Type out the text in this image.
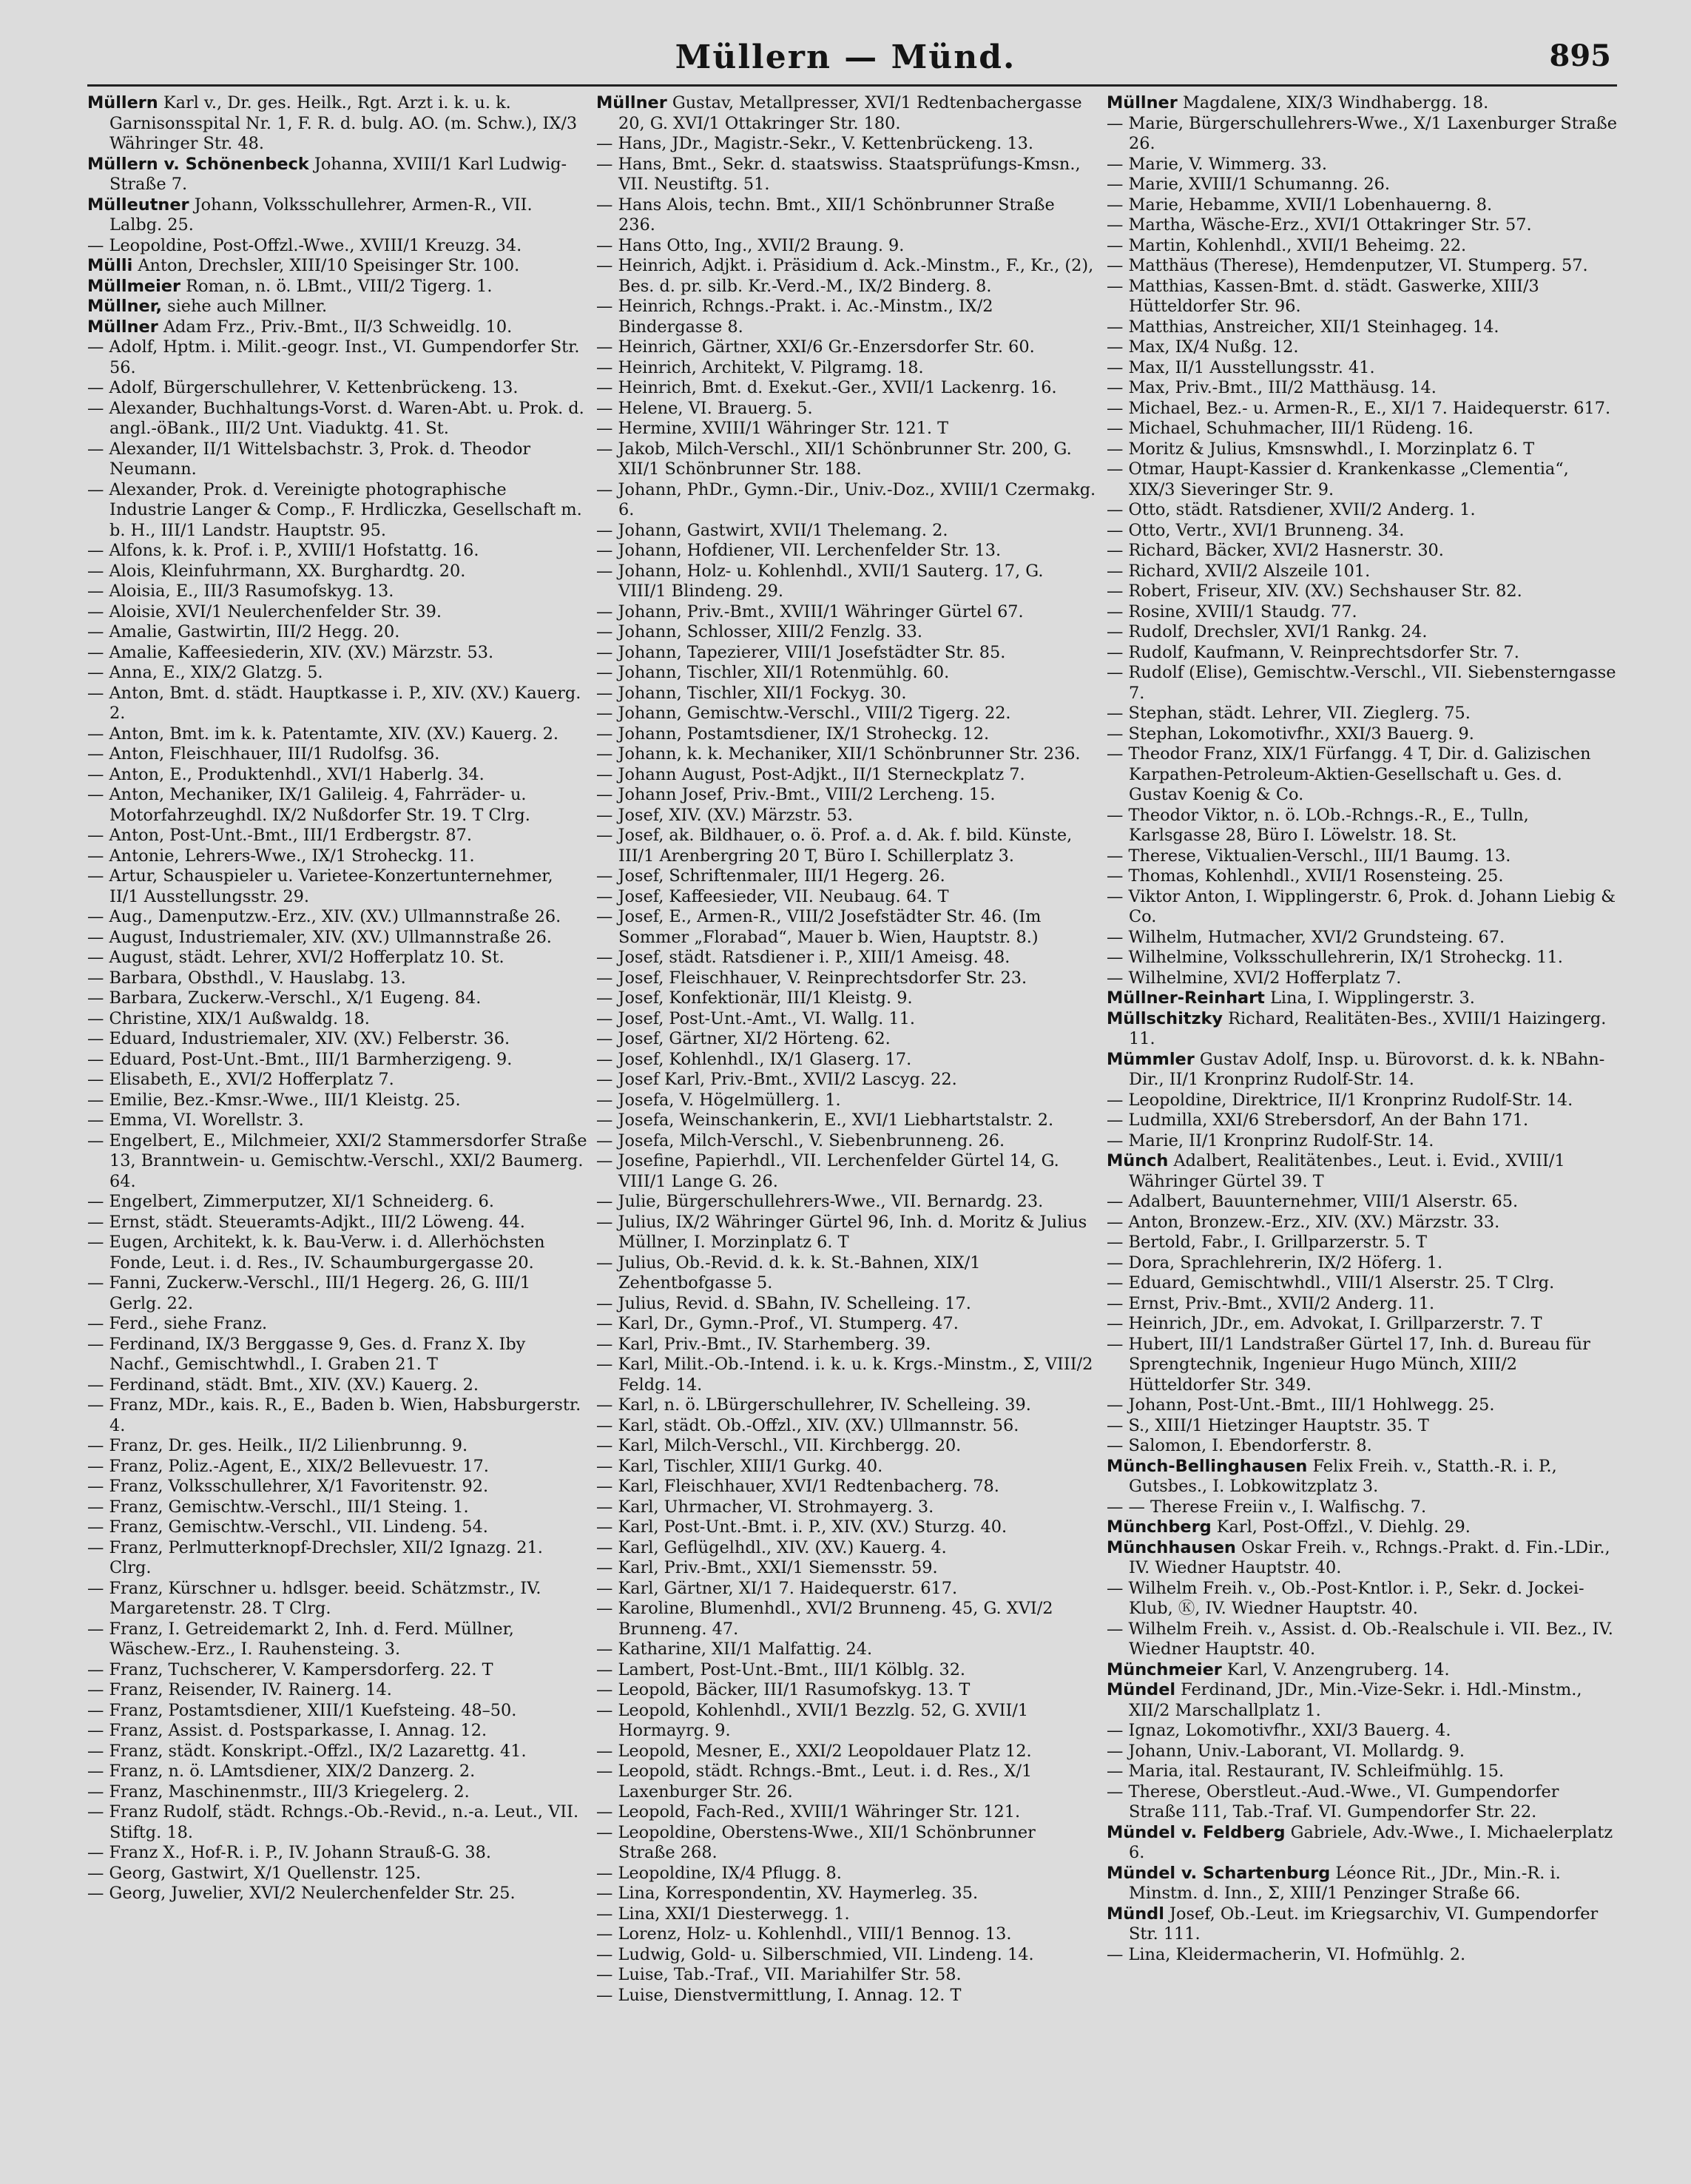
Müllern — Münd.	895

Müllern Karl v., Dr. ges. Heilk., Rgt. Arzt i. k. u. k. Garnisonsspital Nr. 1, F. R. d. bulg. AO. (m. Schw.), IX/3 Währinger Str. 48.

Müllern v. Schönenbeck Johanna, XVIII/1 Karl Ludwig-Straße 7.

Mülleutner Johann, Volksschullehrer, Armen-R., VII. Lalbg. 25.

— Leopoldine, Post-Offzl.-Wwe., XVIII/1 Kreuzg. 34.

Mülli Anton, Drechsler, XIII/10 Speisinger Str. 100.

Müllmeier Roman, n. ö. LBmt., VIII/2 Tigerg. 1.

Müllner, siehe auch Millner.

Müllner Adam Frz., Priv.-Bmt., II/3 Schweidlg. 10.

— Adolf, Hptm. i. Milit.-geogr. Inst., VI. Gumpendorfer Str. 56.

— Adolf, Bürgerschullehrer, V. Kettenbrückeng. 13.

— Alexander, Buchhaltungs-Vorst. d. Waren-Abt. u. Prok. d. angl.-öBank., III/2 Unt. Viaduktg. 41. St.

— Alexander, II/1 Wittelsbachstr. 3, Prok. d. Theodor Neumann.

— Alexander, Prok. d. Vereinigte photographische Industrie Langer & Comp., F. Hrdliczka, Gesellschaft m. b. H., III/1 Landstr. Hauptstr. 95.

— Alfons, k. k. Prof. i. P., XVIII/1 Hofstattg. 16.

— Alois, Kleinfuhrmann, XX. Burghardtg. 20.

— Aloisia, E., III/3 Rasumofskyg. 13.

— Aloisie, XVI/1 Neulerchenfelder Str. 39.

— Amalie, Gastwirtin, III/2 Hegg. 20.

— Amalie, Kaffeesiederin, XIV. (XV.) Märzstr. 53.

— Anna, E., XIX/2 Glatzg. 5.

— Anton, Bmt. d. städt. Hauptkasse i. P., XIV. (XV.) Kauerg. 2.

— Anton, Bmt. im k. k. Patentamte, XIV. (XV.) Kauerg. 2.

— Anton, Fleischhauer, III/1 Rudolfsg. 36.

— Anton, E., Produktenhdl., XVI/1 Haberlg. 34.

— Anton, Mechaniker, IX/1 Galileig. 4, Fahrräder- u. Motorfahrzeughdl. IX/2 Nußdorfer Str. 19. T Clrg.

— Anton, Post-Unt.-Bmt., III/1 Erdbergstr. 87.

— Antonie, Lehrers-Wwe., IX/1 Stroheckg. 11.

— Artur, Schauspieler u. Varietee-Konzertunternehmer, II/1 Ausstellungsstr. 29.

— Aug., Damenputzw.-Erz., XIV. (XV.) Ullmannstraße 26.

— August, Industriemaler, XIV. (XV.) Ullmannstraße 26.

— August, städt. Lehrer, XVI/2 Hofferplatz 10. St.

— Barbara, Obsthdl., V. Hauslabg. 13.

— Barbara, Zuckerw.-Verschl., X/1 Eugeng. 84.

— Christine, XIX/1 Außwaldg. 18.

— Eduard, Industriemaler, XIV. (XV.) Felberstr. 36.

— Eduard, Post-Unt.-Bmt., III/1 Barmherzigeng. 9.

— Elisabeth, E., XVI/2 Hofferplatz 7.

— Emilie, Bez.-Kmsr.-Wwe., III/1 Kleistg. 25.

— Emma, VI. Worellstr. 3.

— Engelbert, E., Milchmeier, XXI/2 Stammersdorfer Straße 13, Branntwein- u. Gemischtw.-Verschl., XXI/2 Baumerg. 64.

— Engelbert, Zimmerputzer, XI/1 Schneiderg. 6.

— Ernst, städt. Steueramts-Adjkt., III/2 Löweng. 44.

— Eugen, Architekt, k. k. Bau-Verw. i. d. Allerhöchsten Fonde, Leut. i. d. Res., IV. Schaumburgergasse 20.

— Fanni, Zuckerw.-Verschl., III/1 Hegerg. 26, G. III/1 Gerlg. 22.

— Ferd., siehe Franz.

— Ferdinand, IX/3 Berggasse 9, Ges. d. Franz X. Iby Nachf., Gemischtwhdl., I. Graben 21. T

— Ferdinand, städt. Bmt., XIV. (XV.) Kauerg. 2.

— Franz, MDr., kais. R., E., Baden b. Wien, Habsburgerstr. 4.

— Franz, Dr. ges. Heilk., II/2 Lilienbrunng. 9.

— Franz, Poliz.-Agent, E., XIX/2 Bellevuestr. 17.

— Franz, Volksschullehrer, X/1 Favoritenstr. 92.

— Franz, Gemischtw.-Verschl., III/1 Steing. 1.

— Franz, Gemischtw.-Verschl., VII. Lindeng. 54.

— Franz, Perlmutterknopf-Drechsler, XII/2 Ignazg. 21. Clrg.

— Franz, Kürschner u. hdlsger. beeid. Schätzmstr., IV. Margaretenstr. 28. T Clrg.

— Franz, I. Getreidemarkt 2, Inh. d. Ferd. Müllner, Wäschew.-Erz., I. Rauhensteing. 3.

— Franz, Tuchscherer, V. Kampersdorferg. 22. T

— Franz, Reisender, IV. Rainerg. 14.

— Franz, Postamtsdiener, XIII/1 Kuefsteing. 48–50.

— Franz, Assist. d. Postsparkasse, I. Annag. 12.

— Franz, städt. Konskript.-Offzl., IX/2 Lazarettg. 41.

— Franz, n. ö. LAmtsdiener, XIX/2 Danzerg. 2.

— Franz, Maschinenmstr., III/3 Kriegelerg. 2.

— Franz Rudolf, städt. Rchngs.-Ob.-Revid., n.-a. Leut., VII. Stiftg. 18.

— Franz X., Hof-R. i. P., IV. Johann Strauß-G. 38.

— Georg, Gastwirt, X/1 Quellenstr. 125.

— Georg, Juwelier, XVI/2 Neulerchenfelder Str. 25.

Müllner Gustav, Metallpresser, XVI/1 Redtenbachergasse 20, G. XVI/1 Ottakringer Str. 180.

— Hans, JDr., Magistr.-Sekr., V. Kettenbrückeng. 13.

— Hans, Bmt., Sekr. d. staatswiss. Staatsprüfungs-Kmsn., VII. Neustiftg. 51.

— Hans Alois, techn. Bmt., XII/1 Schönbrunner Straße 236.

— Hans Otto, Ing., XVII/2 Braung. 9.

— Heinrich, Adjkt. i. Präsidium d. Ack.-Minstm., F., Kr., (2), Bes. d. pr. silb. Kr.-Verd.-M., IX/2 Binderg. 8.

— Heinrich, Rchngs.-Prakt. i. Ac.-Minstm., IX/2 Bindergasse 8.

— Heinrich, Gärtner, XXI/6 Gr.-Enzersdorfer Str. 60.

— Heinrich, Architekt, V. Pilgramg. 18.

— Heinrich, Bmt. d. Exekut.-Ger., XVII/1 Lackenrg. 16.

— Helene, VI. Brauerg. 5.

— Hermine, XVIII/1 Währinger Str. 121. T

— Jakob, Milch-Verschl., XII/1 Schönbrunner Str. 200, G. XII/1 Schönbrunner Str. 188.

— Johann, PhDr., Gymn.-Dir., Univ.-Doz., XVIII/1 Czermakg. 6.

— Johann, Gastwirt, XVII/1 Thelemang. 2.

— Johann, Hofdiener, VII. Lerchenfelder Str. 13.

— Johann, Holz- u. Kohlenhdl., XVII/1 Sauterg. 17, G. VIII/1 Blindeng. 29.

— Johann, Priv.-Bmt., XVIII/1 Währinger Gürtel 67.

— Johann, Schlosser, XIII/2 Fenzlg. 33.

— Johann, Tapezierer, VIII/1 Josefstädter Str. 85.

— Johann, Tischler, XII/1 Rotenmühlg. 60.

— Johann, Tischler, XII/1 Fockyg. 30.

— Johann, Gemischtw.-Verschl., VIII/2 Tigerg. 22.

— Johann, Postamtsdiener, IX/1 Stroheckg. 12.

— Johann, k. k. Mechaniker, XII/1 Schönbrunner Str. 236.

— Johann August, Post-Adjkt., II/1 Sterneckplatz 7.

— Johann Josef, Priv.-Bmt., VIII/2 Lercheng. 15.

— Josef, XIV. (XV.) Märzstr. 53.

— Josef, ak. Bildhauer, o. ö. Prof. a. d. Ak. f. bild. Künste, III/1 Arenbergring 20 T, Büro I. Schillerplatz 3.

— Josef, Schriftenmaler, III/1 Hegerg. 26.

— Josef, Kaffeesieder, VII. Neubaug. 64. T

— Josef, E., Armen-R., VIII/2 Josefstädter Str. 46. (Im Sommer „Florabad“, Mauer b. Wien, Hauptstr. 8.)

— Josef, städt. Ratsdiener i. P., XIII/1 Ameisg. 48.

— Josef, Fleischhauer, V. Reinprechtsdorfer Str. 23.

— Josef, Konfektionär, III/1 Kleistg. 9.

— Josef, Post-Unt.-Amt., VI. Wallg. 11.

— Josef, Gärtner, XI/2 Hörteng. 62.

— Josef, Kohlenhdl., IX/1 Glaserg. 17.

— Josef Karl, Priv.-Bmt., XVII/2 Lascyg. 22.

— Josefa, V. Högelmüllerg. 1.

— Josefa, Weinschankerin, E., XVI/1 Liebhartstalstr. 2.

— Josefa, Milch-Verschl., V. Siebenbrunneng. 26.

— Josefine, Papierhdl., VII. Lerchenfelder Gürtel 14, G. VIII/1 Lange G. 26.

— Julie, Bürgerschullehrers-Wwe., VII. Bernardg. 23.

— Julius, IX/2 Währinger Gürtel 96, Inh. d. Moritz & Julius Müllner, I. Morzinplatz 6. T

— Julius, Ob.-Revid. d. k. k. St.-Bahnen, XIX/1 Zehentbofgasse 5.

— Julius, Revid. d. SBahn, IV. Schelleing. 17.

— Karl, Dr., Gymn.-Prof., VI. Stumperg. 47.

— Karl, Priv.-Bmt., IV. Starhemberg. 39.

— Karl, Milit.-Ob.-Intend. i. k. u. k. Krgs.-Minstm., Σ, VIII/2 Feldg. 14.

— Karl, n. ö. LBürgerschullehrer, IV. Schelleing. 39.

— Karl, städt. Ob.-Offzl., XIV. (XV.) Ullmannstr. 56.

— Karl, Milch-Verschl., VII. Kirchbergg. 20.

— Karl, Tischler, XIII/1 Gurkg. 40.

— Karl, Fleischhauer, XVI/1 Redtenbacherg. 78.

— Karl, Uhrmacher, VI. Strohmayerg. 3.

— Karl, Post-Unt.-Bmt. i. P., XIV. (XV.) Sturzg. 40.

— Karl, Geflügelhdl., XIV. (XV.) Kauerg. 4.

— Karl, Priv.-Bmt., XXI/1 Siemensstr. 59.

— Karl, Gärtner, XI/1 7. Haidequerstr. 617.

— Karoline, Blumenhdl., XVI/2 Brunneng. 45, G. XVI/2 Brunneng. 47.

— Katharine, XII/1 Malfattig. 24.

— Lambert, Post-Unt.-Bmt., III/1 Kölblg. 32.

— Leopold, Bäcker, III/1 Rasumofskyg. 13. T

— Leopold, Kohlenhdl., XVII/1 Bezzlg. 52, G. XVII/1 Hormayrg. 9.

— Leopold, Mesner, E., XXI/2 Leopoldauer Platz 12.

— Leopold, städt. Rchngs.-Bmt., Leut. i. d. Res., X/1 Laxenburger Str. 26.

— Leopold, Fach-Red., XVIII/1 Währinger Str. 121.

— Leopoldine, Oberstens-Wwe., XII/1 Schönbrunner Straße 268.

— Leopoldine, IX/4 Pflugg. 8.

— Lina, Korrespondentin, XV. Haymerleg. 35.

— Lina, XXI/1 Diesterwegg. 1.

— Lorenz, Holz- u. Kohlenhdl., VIII/1 Bennog. 13.

— Ludwig, Gold- u. Silberschmied, VII. Lindeng. 14.

— Luise, Tab.-Traf., VII. Mariahilfer Str. 58.

— Luise, Dienstvermittlung, I. Annag. 12. T

Müllner Magdalene, XIX/3 Windhabergg. 18.

— Marie, Bürgerschullehrers-Wwe., X/1 Laxenburger Straße 26.

— Marie, V. Wimmerg. 33.

— Marie, XVIII/1 Schumanng. 26.

— Marie, Hebamme, XVII/1 Lobenhauerng. 8.

— Martha, Wäsche-Erz., XVI/1 Ottakringer Str. 57.

— Martin, Kohlenhdl., XVII/1 Beheimg. 22.

— Matthäus (Therese), Hemdenputzer, VI. Stumperg. 57.

— Matthias, Kassen-Bmt. d. städt. Gaswerke, XIII/3 Hütteldorfer Str. 96.

— Matthias, Anstreicher, XII/1 Steinhageg. 14.

— Max, IX/4 Nußg. 12.

— Max, II/1 Ausstellungsstr. 41.

— Max, Priv.-Bmt., III/2 Matthäusg. 14.

— Michael, Bez.- u. Armen-R., E., XI/1 7. Haidequerstr. 617.

— Michael, Schuhmacher, III/1 Rüdeng. 16.

— Moritz & Julius, Kmsnswhdl., I. Morzinplatz 6. T

— Otmar, Haupt-Kassier d. Krankenkasse „Clementia“, XIX/3 Sieveringer Str. 9.

— Otto, städt. Ratsdiener, XVII/2 Anderg. 1.

— Otto, Vertr., XVI/1 Brunneng. 34.

— Richard, Bäcker, XVI/2 Hasnerstr. 30.

— Richard, XVII/2 Alszeile 101.

— Robert, Friseur, XIV. (XV.) Sechshauser Str. 82.

— Rosine, XVIII/1 Staudg. 77.

— Rudolf, Drechsler, XVI/1 Rankg. 24.

— Rudolf, Kaufmann, V. Reinprechtsdorfer Str. 7.

— Rudolf (Elise), Gemischtw.-Verschl., VII. Siebensterngasse 7.

— Stephan, städt. Lehrer, VII. Zieglerg. 75.

— Stephan, Lokomotivfhr., XXI/3 Bauerg. 9.

— Theodor Franz, XIX/1 Fürfangg. 4 T, Dir. d. Galizischen Karpathen-Petroleum-Aktien-Gesellschaft u. Ges. d. Gustav Koenig & Co.

— Theodor Viktor, n. ö. LOb.-Rchngs.-R., E., Tulln, Karlsgasse 28, Büro I. Löwelstr. 18. St.

— Therese, Viktualien-Verschl., III/1 Baumg. 13.

— Thomas, Kohlenhdl., XVII/1 Rosensteing. 25.

— Viktor Anton, I. Wipplingerstr. 6, Prok. d. Johann Liebig & Co.

— Wilhelm, Hutmacher, XVI/2 Grundsteing. 67.

— Wilhelmine, Volksschullehrerin, IX/1 Stroheckg. 11.

— Wilhelmine, XVI/2 Hofferplatz 7.

Müllner-Reinhart Lina, I. Wipplingerstr. 3.

Müllschitzky Richard, Realitäten-Bes., XVIII/1 Haizingerg. 11.

Mümmler Gustav Adolf, Insp. u. Bürovorst. d. k. k. NBahn-Dir., II/1 Kronprinz Rudolf-Str. 14.

— Leopoldine, Direktrice, II/1 Kronprinz Rudolf-Str. 14.

— Ludmilla, XXI/6 Strebersdorf, An der Bahn 171.

— Marie, II/1 Kronprinz Rudolf-Str. 14.

Münch Adalbert, Realitätenbes., Leut. i. Evid., XVIII/1 Währinger Gürtel 39. T

— Adalbert, Bauunternehmer, VIII/1 Alserstr. 65.

— Anton, Bronzew.-Erz., XIV. (XV.) Märzstr. 33.

— Bertold, Fabr., I. Grillparzerstr. 5. T

— Dora, Sprachlehrerin, IX/2 Höferg. 1.

— Eduard, Gemischtwhdl., VIII/1 Alserstr. 25. T Clrg.

— Ernst, Priv.-Bmt., XVII/2 Anderg. 11.

— Heinrich, JDr., em. Advokat, I. Grillparzerstr. 7. T

— Hubert, III/1 Landstraßer Gürtel 17, Inh. d. Bureau für Sprengtechnik, Ingenieur Hugo Münch, XIII/2 Hütteldorfer Str. 349.

— Johann, Post-Unt.-Bmt., III/1 Hohlwegg. 25.

— S., XIII/1 Hietzinger Hauptstr. 35. T

— Salomon, I. Ebendorferstr. 8.

Münch-Bellinghausen Felix Freih. v., Statth.-R. i. P., Gutsbes., I. Lobkowitzplatz 3.

— — Therese Freiin v., I. Walfischg. 7.

Münchberg Karl, Post-Offzl., V. Diehlg. 29.

Münchhausen Oskar Freih. v., Rchngs.-Prakt. d. Fin.-LDir., IV. Wiedner Hauptstr. 40.

— Wilhelm Freih. v., Ob.-Post-Kntlor. i. P., Sekr. d. Jockei-Klub, Ⓚ, IV. Wiedner Hauptstr. 40.

— Wilhelm Freih. v., Assist. d. Ob.-Realschule i. VII. Bez., IV. Wiedner Hauptstr. 40.

Münchmeier Karl, V. Anzengruberg. 14.

Mündel Ferdinand, JDr., Min.-Vize-Sekr. i. Hdl.-Minstm., XII/2 Marschallplatz 1.

— Ignaz, Lokomotivfhr., XXI/3 Bauerg. 4.

— Johann, Univ.-Laborant, VI. Mollardg. 9.

— Maria, ital. Restaurant, IV. Schleifmühlg. 15.

— Therese, Oberstleut.-Aud.-Wwe., VI. Gumpendorfer Straße 111, Tab.-Traf. VI. Gumpendorfer Str. 22.

Mündel v. Feldberg Gabriele, Adv.-Wwe., I. Michaelerplatz 6.

Mündel v. Schartenburg Léonce Rit., JDr., Min.-R. i. Minstm. d. Inn., Σ, XIII/1 Penzinger Straße 66.

Mündl Josef, Ob.-Leut. im Kriegsarchiv, VI. Gumpendorfer Str. 111.

— Lina, Kleidermacherin, VI. Hofmühlg. 2.
